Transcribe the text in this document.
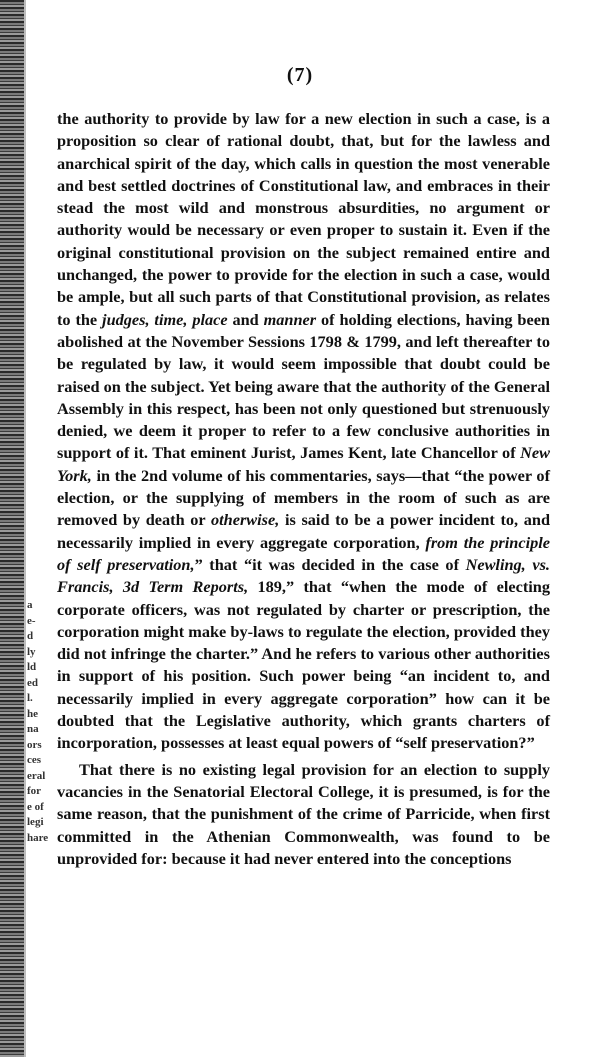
a
e-
d
ly
ld
ed
l.
he
na
ors
ces
eral
for
e of
legi
hare
(7)

the authority to provide by law for a new election in such a case, is a proposition so clear of rational doubt, that, but for the lawless and anarchical spirit of the day, which calls in question the most venerable and best settled doctrines of Constitutional law, and embraces in their stead the most wild and monstrous absurdities, no argument or authority would be necessary or even proper to sustain it. Even if the original constitutional provision on the subject remained entire and unchanged, the power to provide for the election in such a case, would be ample, but all such parts of that Constitutional provision, as relates to the judges, time, place and manner of holding elections, having been abolished at the November Sessions 1798 & 1799, and left thereafter to be regulated by law, it would seem impossible that doubt could be raised on the subject. Yet being aware that the authority of the General Assembly in this respect, has been not only questioned but strenuously denied, we deem it proper to refer to a few conclusive authorities in support of it. That eminent Jurist, James Kent, late Chancellor of New York, in the 2nd volume of his commentaries, says—that “the power of election, or the supplying of members in the room of such as are removed by death or otherwise, is said to be a power incident to, and necessarily implied in every aggregate corporation, from the principle of self preservation,” that “it was decided in the case of Newling, vs. Francis, 3d Term Reports, 189,” that “when the mode of electing corporate officers, was not regulated by charter or prescription, the corporation might make by-laws to regulate the election, provided they did not infringe the charter.” And he refers to various other authorities in support of his position. Such power being “an incident to, and necessarily implied in every aggregate corporation” how can it be doubted that the Legislative authority, which grants charters of incorporation, possesses at least equal powers of “self preservation?”

That there is no existing legal provision for an election to supply vacancies in the Senatorial Electoral College, it is presumed, is for the same reason, that the punishment of the crime of Parricide, when first committed in the Athenian Commonwealth, was found to be unprovided for: because it had never entered into the conceptions
